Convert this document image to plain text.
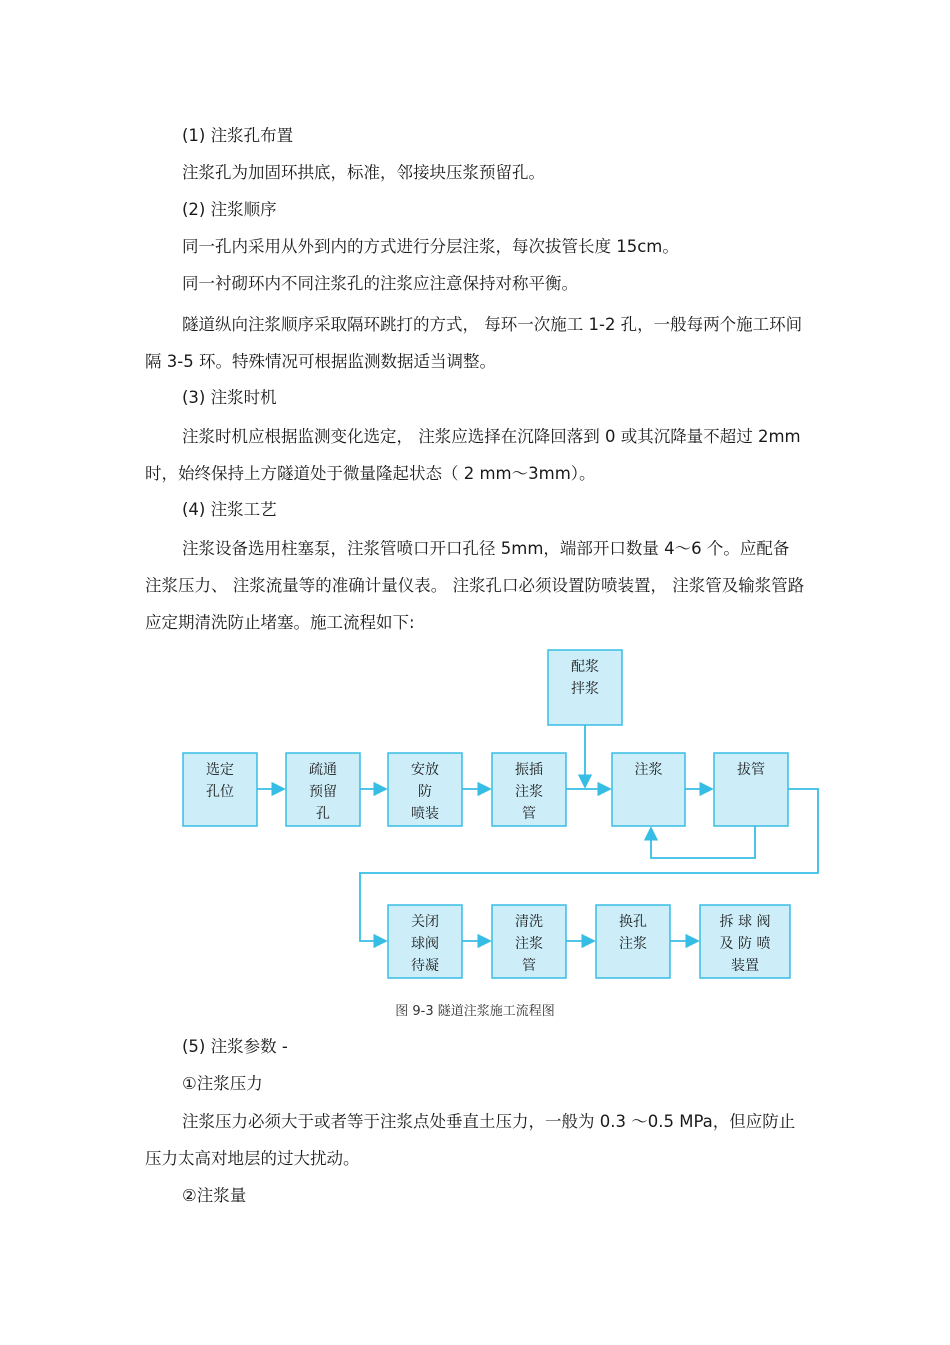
(1) 注浆孔布置
注浆孔为加固环拱底，标准，邻接块压浆预留孔。
(2) 注浆顺序
同一孔内采用从外到内的方式进行分层注浆，每次拔管长度 15cm。
同一衬砌环内不同注浆孔的注浆应注意保持对称平衡。
隧道纵向注浆顺序采取隔环跳打的方式， 每环一次施工 1-2 孔，一般每两个施工环间隔 3-5 环。特殊情况可根据监测数据适当调整。
(3) 注浆时机
注浆时机应根据监测变化选定， 注浆应选择在沉降回落到 0 或其沉降量不超过 2mm时，始终保持上方隧道处于微量隆起状态（ 2 mm～3mm）。
(4) 注浆工艺
注浆设备选用柱塞泵，注浆管喷口开口孔径 5mm，端部开口数量 4～6 个。应配备注浆压力、 注浆流量等的准确计量仪表。 注浆孔口必须设置防喷装置， 注浆管及输浆管路应定期清洗防止堵塞。施工流程如下:
配浆
拌浆
选定
孔位
疏通
预留
孔
安放
防
喷装
振插
注浆
管
注浆	拔管
关闭
球阀
待凝
清洗
注浆
管
换孔
注浆
拆 球 阀
及 防 喷
装置
图 9-3 隧道注浆施工流程图
(5) 注浆参数 -
①注浆压力
注浆压力必须大于或者等于注浆点处垂直土压力，一般为 0.3 ～0.5 MPa，但应防止压力太高对地层的过大扰动。
②注浆量
